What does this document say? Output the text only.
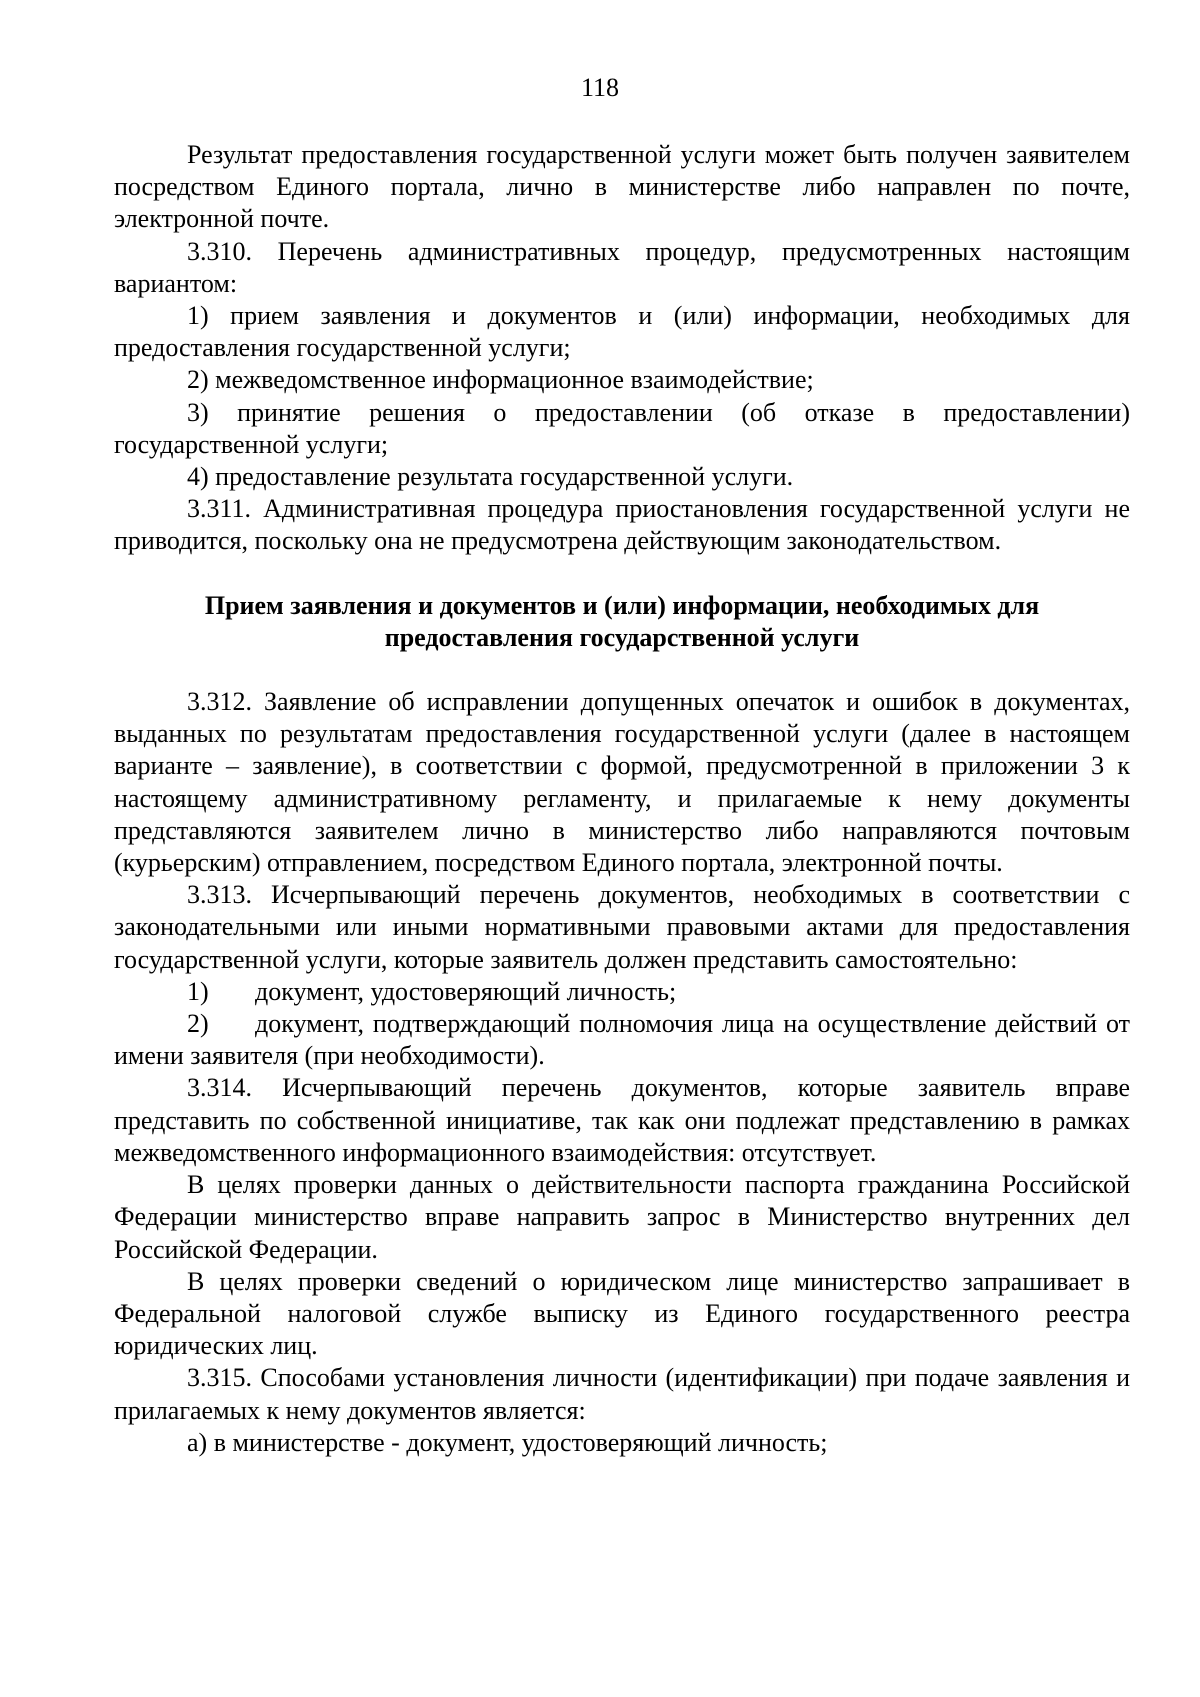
118

Результат предоставления государственной услуги может быть получен заявителем посредством Единого портала, лично в министерстве либо направлен по почте, электронной почте.

3.310. Перечень административных процедур, предусмотренных настоящим вариантом:

1) прием заявления и документов и (или) информации, необходимых для предоставления государственной услуги;

2) межведомственное информационное взаимодействие;

3) принятие решения о предоставлении (об отказе в предоставлении) государственной услуги;

4) предоставление результата государственной услуги.

3.311. Административная процедура приостановления государственной услуги не приводится, поскольку она не предусмотрена действующим законодательством.

Прием заявления и документов и (или) информации, необходимых для предоставления государственной услуги

3.312. Заявление об исправлении допущенных опечаток и ошибок в документах, выданных по результатам предоставления государственной услуги (далее в настоящем варианте – заявление), в соответствии с формой, предусмотренной в приложении 3 к настоящему административному регламенту, и прилагаемые к нему документы представляются заявителем лично в министерство либо направляются почтовым (курьерским) отправлением, посредством Единого портала, электронной почты.

3.313. Исчерпывающий перечень документов, необходимых в соответствии с законодательными или иными нормативными правовыми актами для предоставления государственной услуги, которые заявитель должен представить самостоятельно:

1) документ, удостоверяющий личность;

2) документ, подтверждающий полномочия лица на осуществление действий от имени заявителя (при необходимости).

3.314. Исчерпывающий перечень документов, которые заявитель вправе представить по собственной инициативе, так как они подлежат представлению в рамках межведомственного информационного взаимодействия: отсутствует.

В целях проверки данных о действительности паспорта гражданина Российской Федерации министерство вправе направить запрос в Министерство внутренних дел Российской Федерации.

В целях проверки сведений о юридическом лице министерство запрашивает в Федеральной налоговой службе выписку из Единого государственного реестра юридических лиц.

3.315. Способами установления личности (идентификации) при подаче заявления и прилагаемых к нему документов является:

а) в министерстве - документ, удостоверяющий личность;
